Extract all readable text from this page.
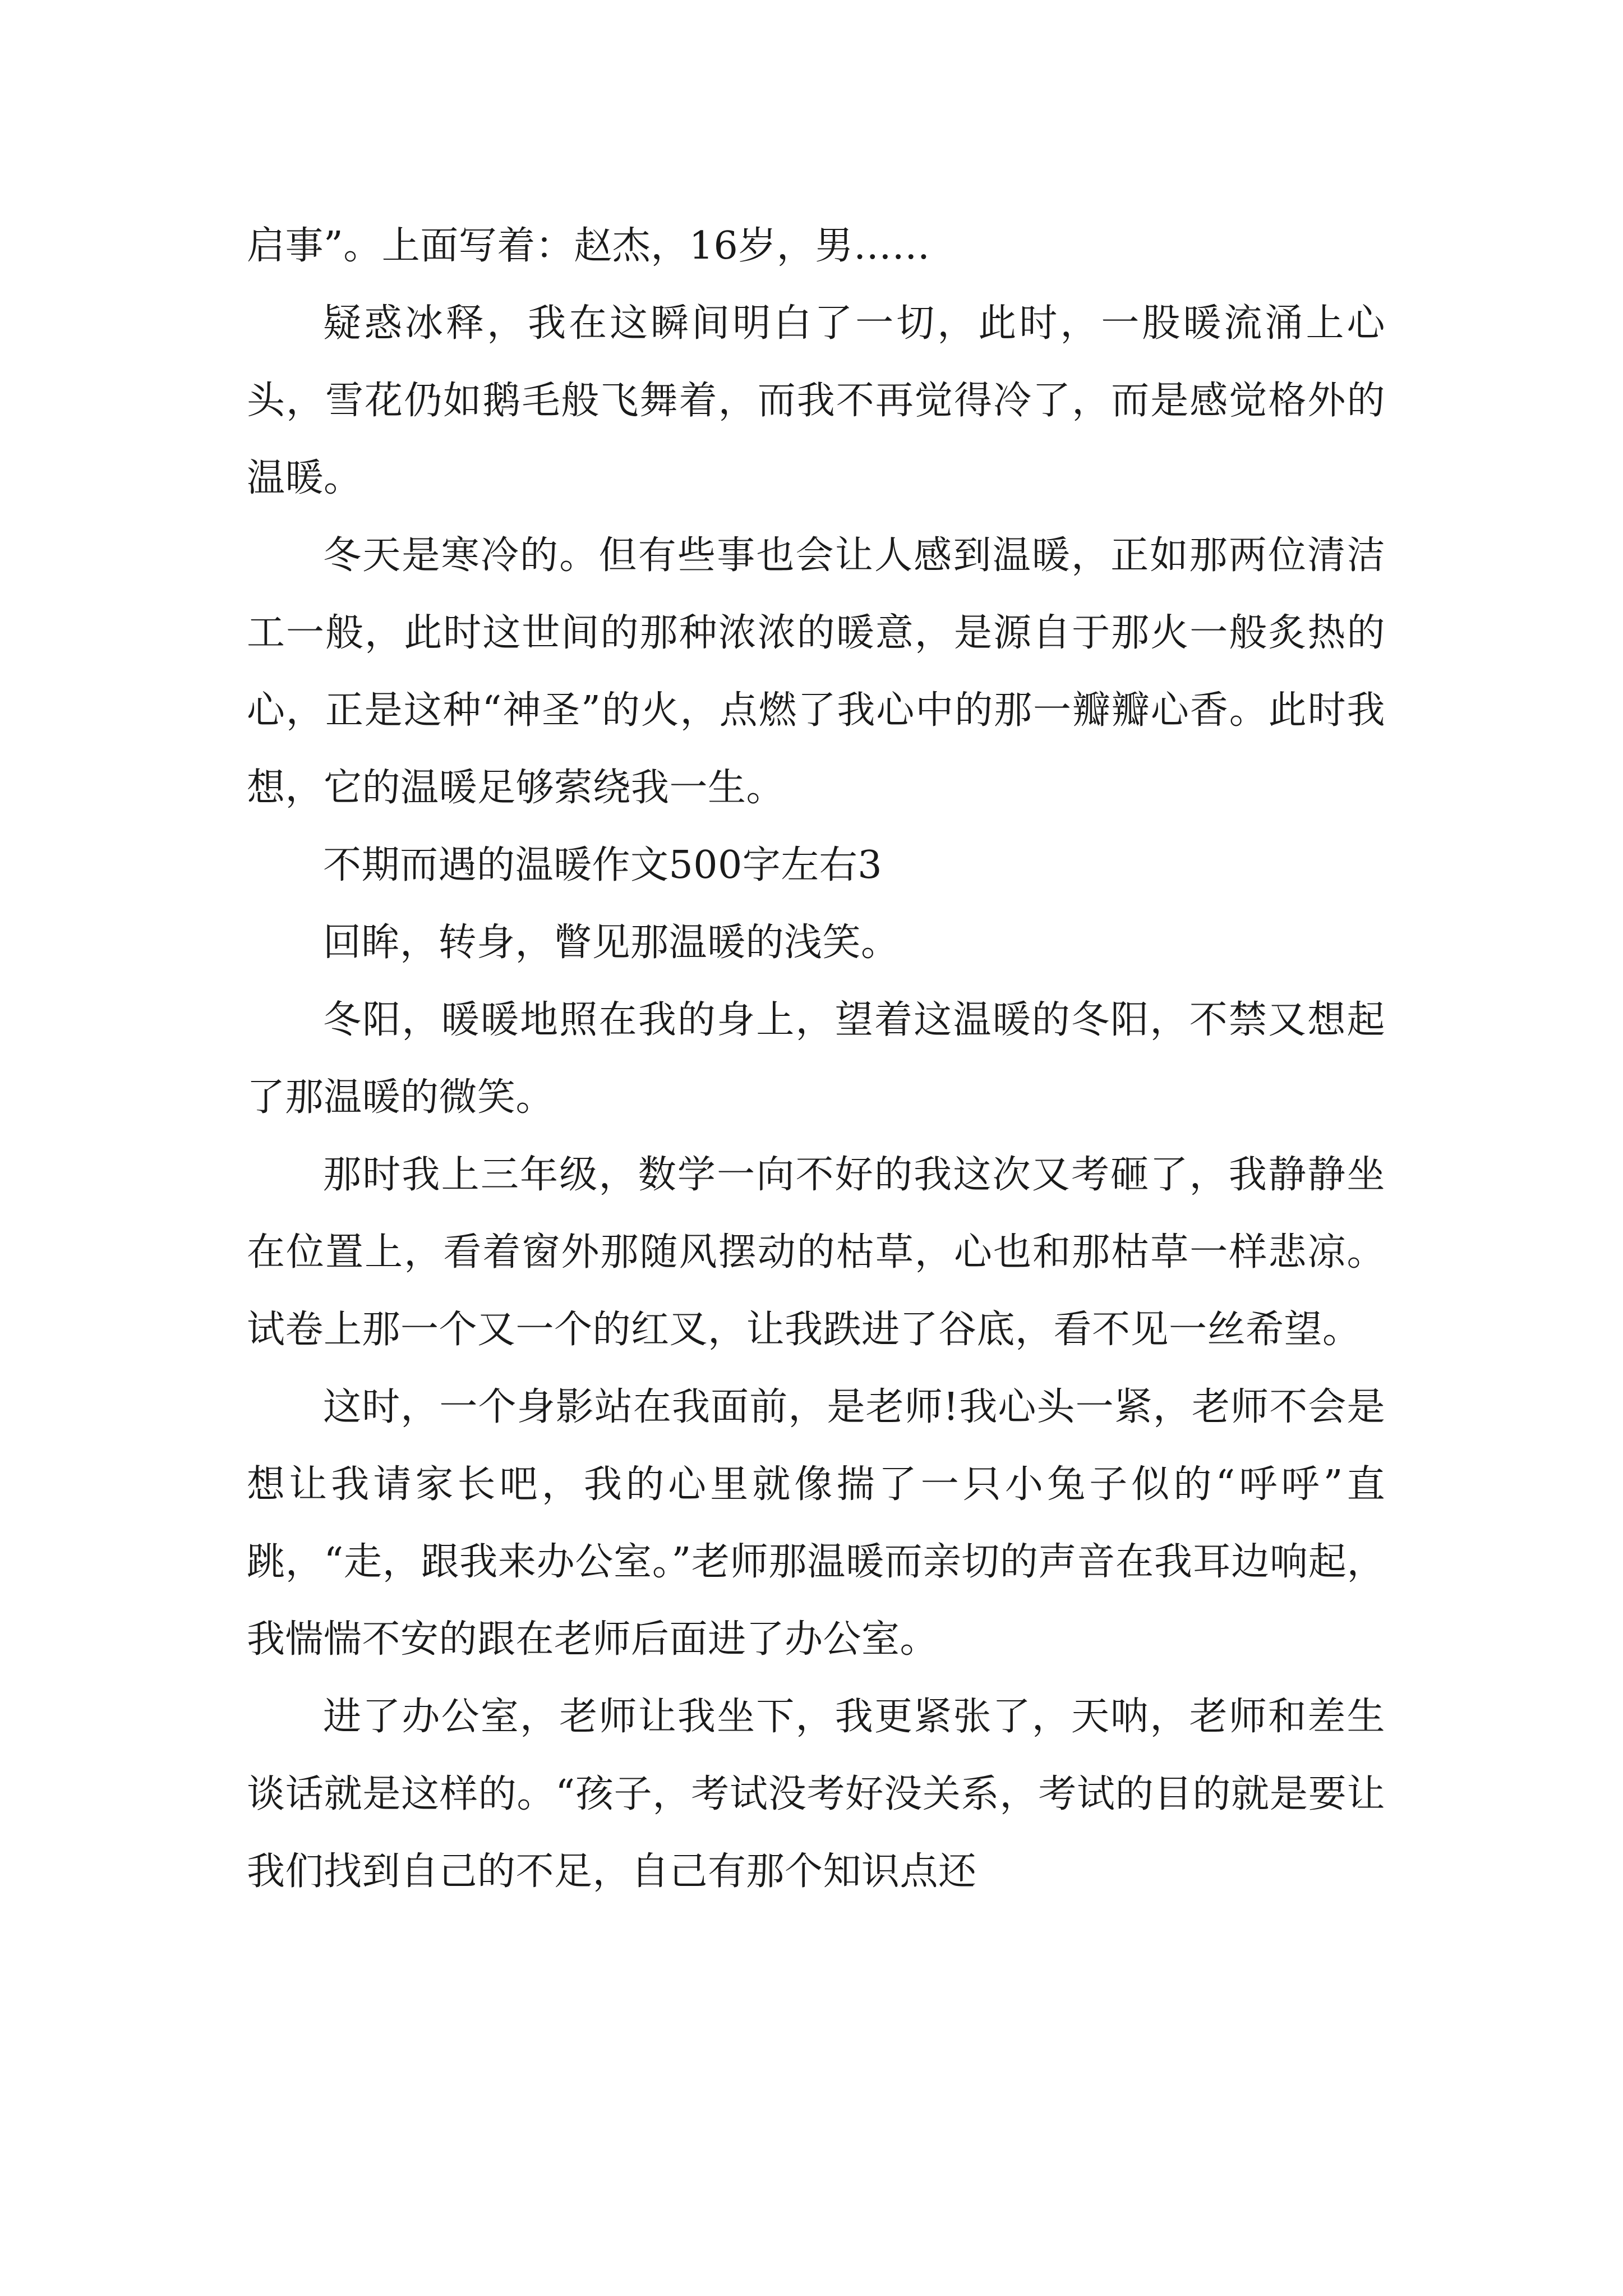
启事”。上面写着：赵杰，16岁，男……

疑惑冰释，我在这瞬间明白了一切，此时，一股暖流涌上心头，雪花仍如鹅毛般飞舞着，而我不再觉得冷了，而是感觉格外的温暖。

冬天是寒冷的。但有些事也会让人感到温暖，正如那两位清洁工一般，此时这世间的那种浓浓的暖意，是源自于那火一般炙热的心，正是这种“神圣”的火，点燃了我心中的那一瓣瓣心香。此时我想，它的温暖足够萦绕我一生。

不期而遇的温暖作文500字左右3

回眸，转身，瞥见那温暖的浅笑。

冬阳，暖暖地照在我的身上，望着这温暖的冬阳，不禁又想起了那温暖的微笑。

那时我上三年级，数学一向不好的我这次又考砸了，我静静坐在位置上，看着窗外那随风摆动的枯草，心也和那枯草一样悲凉。试卷上那一个又一个的红叉，让我跌进了谷底，看不见一丝希望。

这时，一个身影站在我面前，是老师!我心头一紧，老师不会是想让我请家长吧，我的心里就像揣了一只小兔子似的“呼呼”直跳，“走，跟我来办公室。”老师那温暖而亲切的声音在我耳边响起，我惴惴不安的跟在老师后面进了办公室。

进了办公室，老师让我坐下，我更紧张了，天呐，老师和差生谈话就是这样的。“孩子，考试没考好没关系，考试的目的就是要让我们找到自己的不足，自己有那个知识点还
